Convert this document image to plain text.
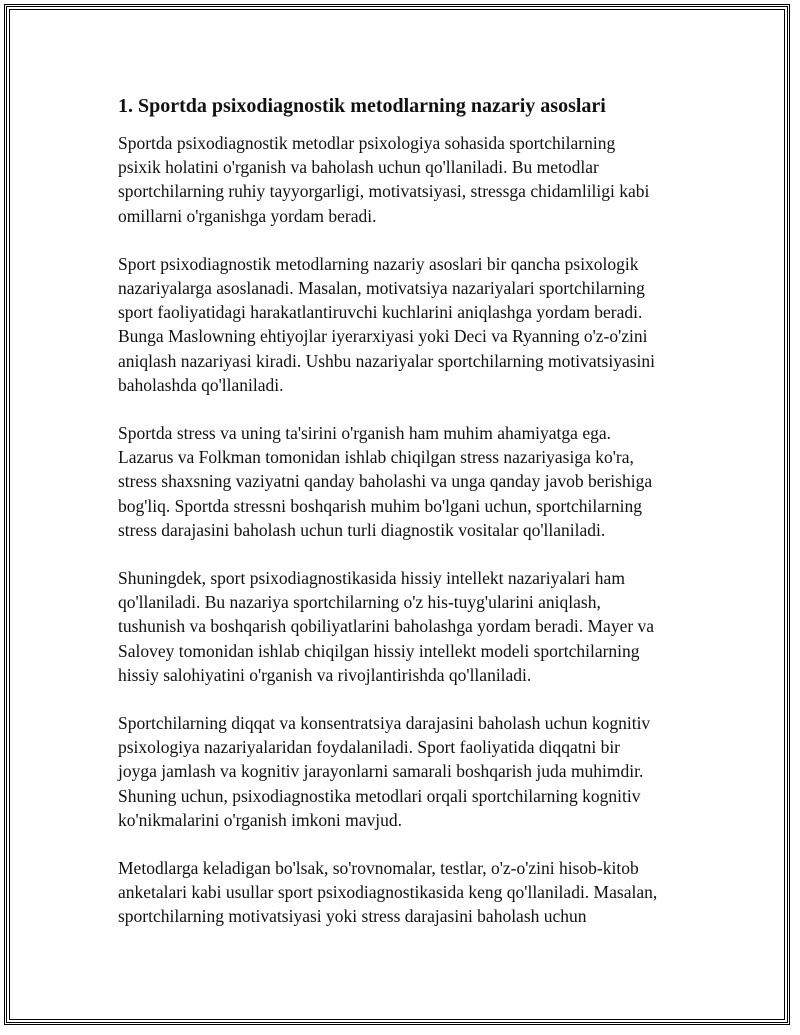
1. Sportda psixodiagnostik metodlarning nazariy asoslari

Sportda psixodiagnostik metodlar psixologiya sohasida sportchilarning
psixik holatini o'rganish va baholash uchun qo'llaniladi. Bu metodlar
sportchilarning ruhiy tayyorgarligi, motivatsiyasi, stressga chidamliligi kabi
omillarni o'rganishga yordam beradi.

Sport psixodiagnostik metodlarning nazariy asoslari bir qancha psixologik
nazariyalarga asoslanadi. Masalan, motivatsiya nazariyalari sportchilarning
sport faoliyatidagi harakatlantiruvchi kuchlarini aniqlashga yordam beradi.
Bunga Maslowning ehtiyojlar iyerarxiyasi yoki Deci va Ryanning o'z-o'zini
aniqlash nazariyasi kiradi. Ushbu nazariyalar sportchilarning motivatsiyasini
baholashda qo'llaniladi.

Sportda stress va uning ta'sirini o'rganish ham muhim ahamiyatga ega.
Lazarus va Folkman tomonidan ishlab chiqilgan stress nazariyasiga ko'ra,
stress shaxsning vaziyatni qanday baholashi va unga qanday javob berishiga
bog'liq. Sportda stressni boshqarish muhim bo'lgani uchun, sportchilarning
stress darajasini baholash uchun turli diagnostik vositalar qo'llaniladi.

Shuningdek, sport psixodiagnostikasida hissiy intellekt nazariyalari ham
qo'llaniladi. Bu nazariya sportchilarning o'z his-tuyg'ularini aniqlash,
tushunish va boshqarish qobiliyatlarini baholashga yordam beradi. Mayer va
Salovey tomonidan ishlab chiqilgan hissiy intellekt modeli sportchilarning
hissiy salohiyatini o'rganish va rivojlantirishda qo'llaniladi.

Sportchilarning diqqat va konsentratsiya darajasini baholash uchun kognitiv
psixologiya nazariyalaridan foydalaniladi. Sport faoliyatida diqqatni bir
joyga jamlash va kognitiv jarayonlarni samarali boshqarish juda muhimdir.
Shuning uchun, psixodiagnostika metodlari orqali sportchilarning kognitiv
ko'nikmalarini o'rganish imkoni mavjud.

Metodlarga keladigan bo'lsak, so'rovnomalar, testlar, o'z-o'zini hisob-kitob
anketalari kabi usullar sport psixodiagnostikasida keng qo'llaniladi. Masalan,
sportchilarning motivatsiyasi yoki stress darajasini baholash uchun
